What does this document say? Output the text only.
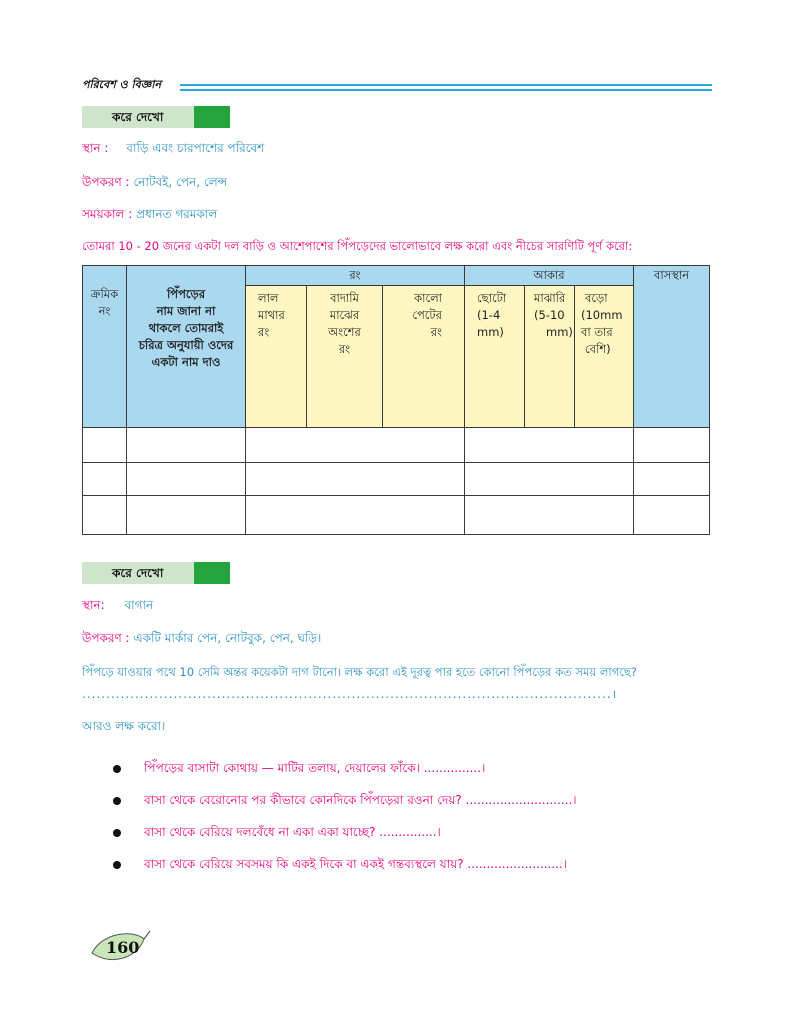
পরিবেশ ও বিজ্ঞান
করে দেখো
স্থান : বাড়ি এবং চারপাশের পরিবেশ
উপকরণ : নোটবই, পেন, লেন্স
সময়কাল : প্রধানত গরমকাল
তোমরা 10 - 20 জনের একটা দল বাড়ি ও আশেপাশের পিঁপড়েদের ভালোভাবে লক্ষ করো এবং নীচের সারণিটি পূর্ণ করো:
ক্রমিক
নং
পিঁপড়ের
নাম জানা না
থাকলে তোমরাই
চরিত্র অনুযায়ী ওদের
একটা নাম দাও
রং	আকার	বাসস্থান
লাল
মাথার
রং
বাদামি
মাঝের
অংশের
রং
কালো
পেটের
রং
ছোটো
(1-4
mm)
মাঝারি
(5-10
mm)
বড়ো
(10mm
বা তার
বেশি)
করে দেখো
স্থান: বাগান
উপকরণ : একটি মার্কার পেন, নোটবুক, পেন, ঘড়ি।
পিঁপড়ে যাওয়ার পথে 10 সেমি অন্তর কয়েকটা দাগ টানো। লক্ষ করো এই দূরত্ব পার হতে কোনো পিঁপড়ের কত সময় লাগছে?
..............................................................................................................।
আরও লক্ষ করো।
পিঁপড়ের বাসাটা কোথায় — মাটির তলায়, দেয়ালের ফাঁকে। ...............।
বাসা থেকে বেরোনোর পর কীভাবে কোনদিকে পিঁপড়েরা রওনা দেয়? ............................।
বাসা থেকে বেরিয়ে দলবেঁধে না একা একা যাচ্ছে? ...............।
বাসা থেকে বেরিয়ে সবসময় কি একই দিকে বা একই গন্তব্যস্থলে যায়? .........................।
160
